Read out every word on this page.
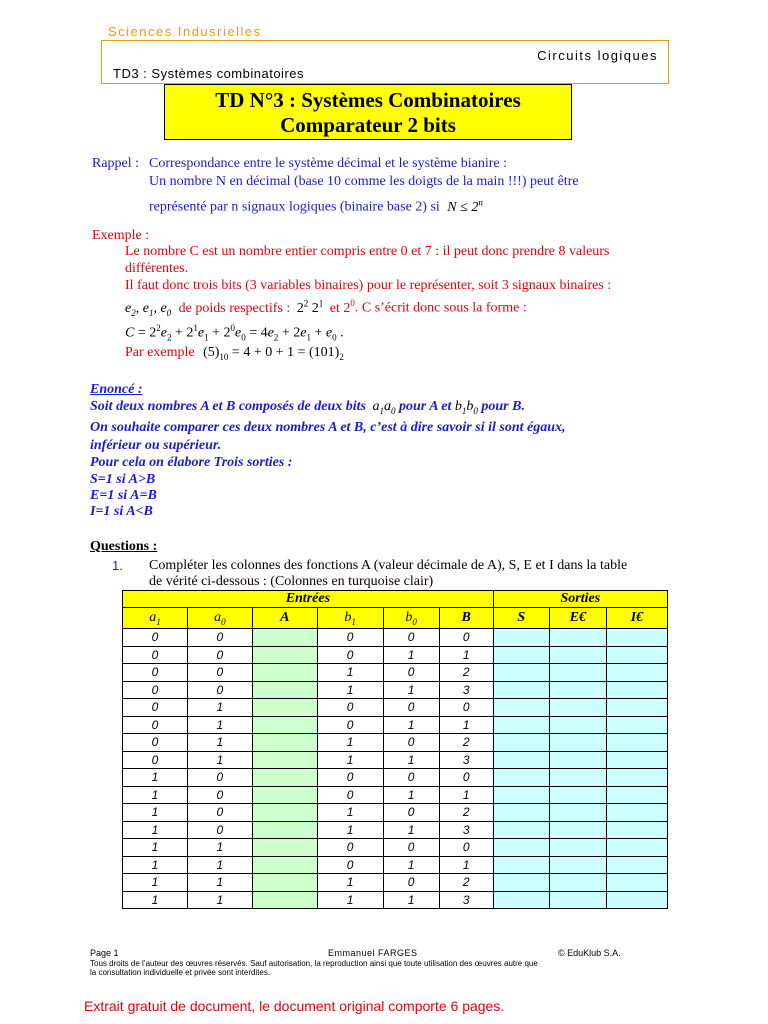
Sciences Indusrielles
Circuits logiques
TD3 : Systèmes combinatoires
TD N°3 : Systèmes Combinatoires
Comparateur 2 bits
Rappel : Correspondance entre le système décimal et le système bianire :
Un nombre N en décimal (base 10 comme les doigts de la main !!!) peut être
représenté par n signaux logiques (binaire base 2) si $N \le 2^n$
Exemple :
Le nombre C est un nombre entier compris entre 0 et 7 : il peut donc prendre 8 valeurs
différentes.
Il faut donc trois bits (3 variables binaires) pour le représenter, soit 3 signaux binaires :
$e_2$, $e_1$, $e_0$ de poids respectifs : $2^2$ $2^1$ et $2^0$. C s’écrit donc sous la forme :
$C = 2^2e_2 + 2^1e_1 + 2^0e_0 = 4e_2 + 2e_1 + e_0$ .
Par exemple $(5)_{10} = 4 + 0 + 1 = (101)_2$
Enoncé :
Soit deux nombres A et B composés de deux bits $a_1a_0$ pour A et $b_1b_0$ pour B.
On souhaite comparer ces deux nombres A et B, c’est à dire savoir si il sont égaux,
inférieur ou supérieur.
Pour cela on élabore Trois sorties :
S=1 si A>B
E=1 si A=B
I=1 si A<B
Questions :
1. Compléter les colonnes des fonctions A (valeur décimale de A), S, E et I dans la table
de vérité ci-dessous : (Colonnes en turquoise clair)
Entrées						Sorties		
$a_1$	$a_0$	A	$b_1$	$b_0$	B	S	E€	I€
0	0		0	0	0			
0	0		0	1	1			
0	0		1	0	2			
0	0		1	1	3			
0	1		0	0	0			
0	1		0	1	1			
0	1		1	0	2			
0	1		1	1	3			
1	0		0	0	0			
1	0		0	1	1			
1	0		1	0	2			
1	0		1	1	3			
1	1		0	0	0			
1	1		0	1	1			
1	1		1	0	2			
1	1		1	1	3			
Page 1	Emmanuel FARGES	© EduKlub S.A.
Tous droits de l’auteur des œuvres réservés. Sauf autorisation, la reproduction ainsi que toute utilisation des œuvres autre que
la consultation individuelle et privée sont interdites.
Extrait gratuit de document, le document original comporte 6 pages.
